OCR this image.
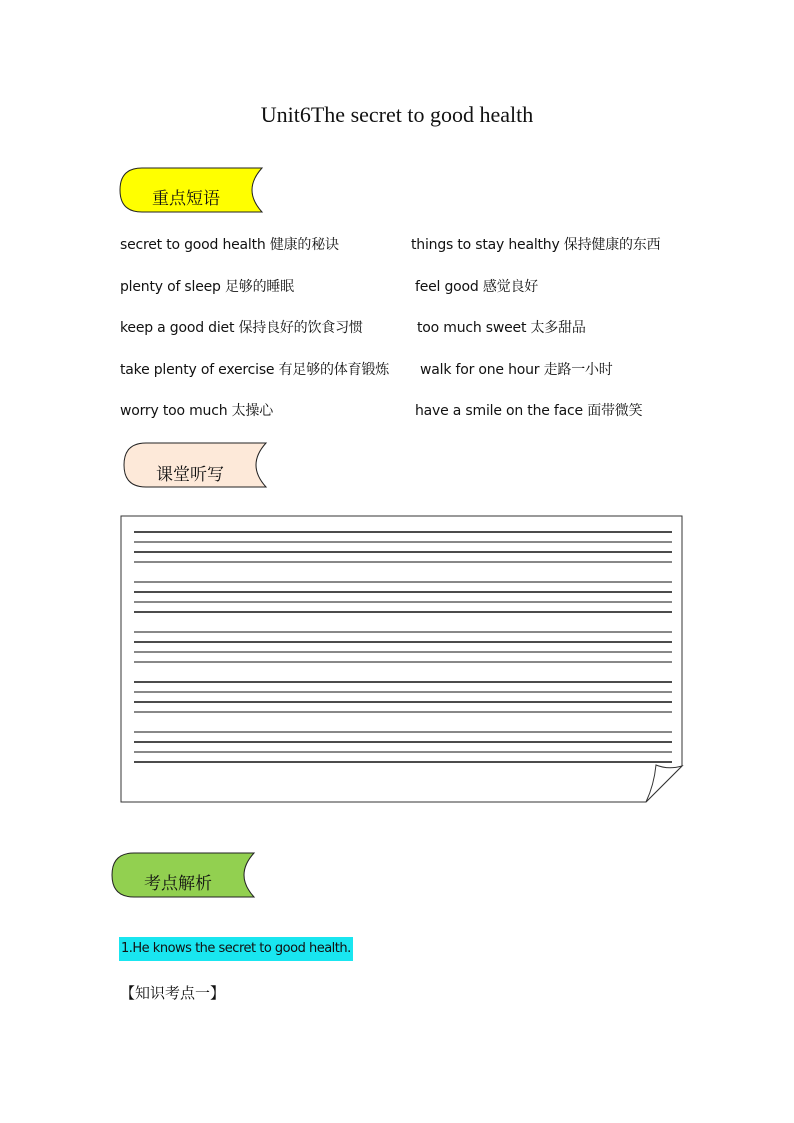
Unit6The secret to good health
重点短语
secret to good health 健康的秘诀
plenty of sleep 足够的睡眠
keep a good diet 保持良好的饮食习惯
take plenty of exercise 有足够的体育锻炼
worry too much 太操心
things to stay healthy 保持健康的东西
feel good 感觉良好
too much sweet 太多甜品
walk for one hour 走路一小时
have a smile on the face 面带微笑
课堂听写
考点解析
1.He knows the secret to good health.
【知识考点一】
